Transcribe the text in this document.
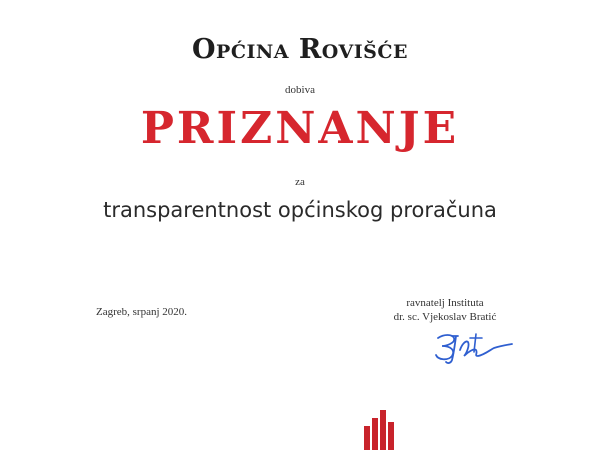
Općina Rovišće
dobiva
PRIZNANJE
za
transparentnost općinskog proračuna
Zagreb, srpanj 2020.
ravnatelj Instituta
dr. sc. Vjekoslav Bratić
